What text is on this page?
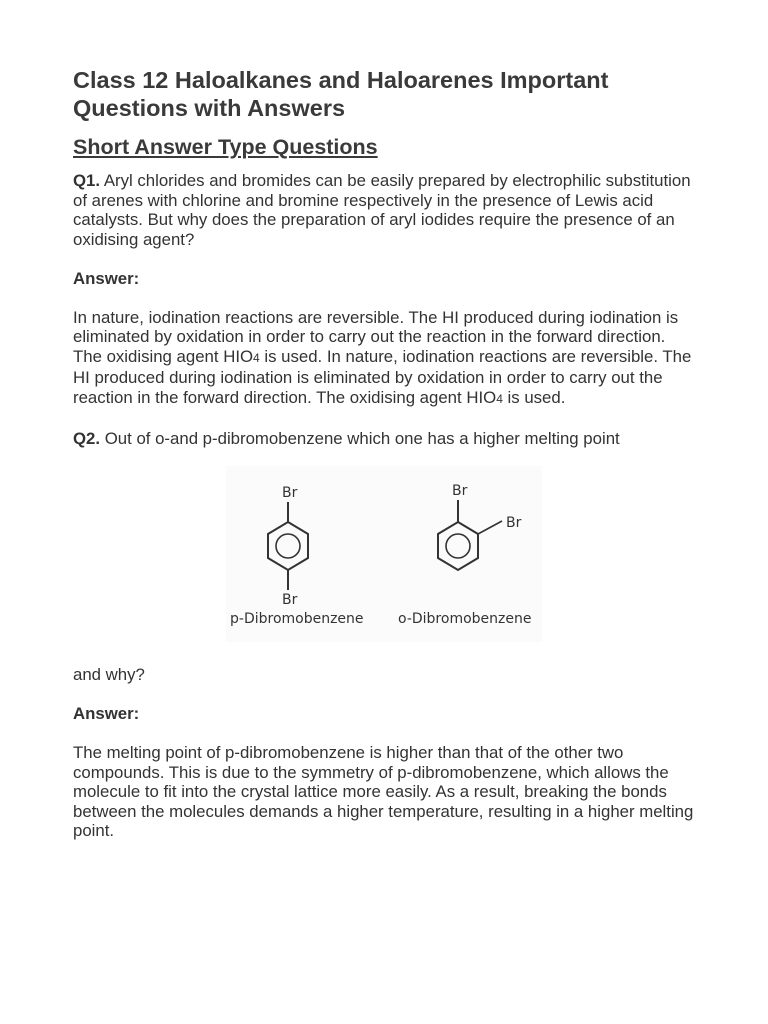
Class 12 Haloalkanes and Haloarenes Important Questions with Answers
Short Answer Type Questions

Q1. Aryl chlorides and bromides can be easily prepared by electrophilic substitution of arenes with chlorine and bromine respectively in the presence of Lewis acid catalysts. But why does the preparation of aryl iodides require the presence of an oxidising agent?

Answer:

In nature, iodination reactions are reversible. The HI produced during iodination is eliminated by oxidation in order to carry out the reaction in the forward direction. The oxidising agent HIO4 is used. In nature, iodination reactions are reversible. The HI produced during iodination is eliminated by oxidation in order to carry out the reaction in the forward direction. The oxidising agent HIO4 is used.

Q2. Out of o-and p-dibromobenzene which one has a higher melting point

Br
Br
p-Dibromobenzene
Br
Br
o-Dibromobenzene

and why?

Answer:

The melting point of p-dibromobenzene is higher than that of the other two compounds. This is due to the symmetry of p-dibromobenzene, which allows the molecule to fit into the crystal lattice more easily. As a result, breaking the bonds between the molecules demands a higher temperature, resulting in a higher melting point.
